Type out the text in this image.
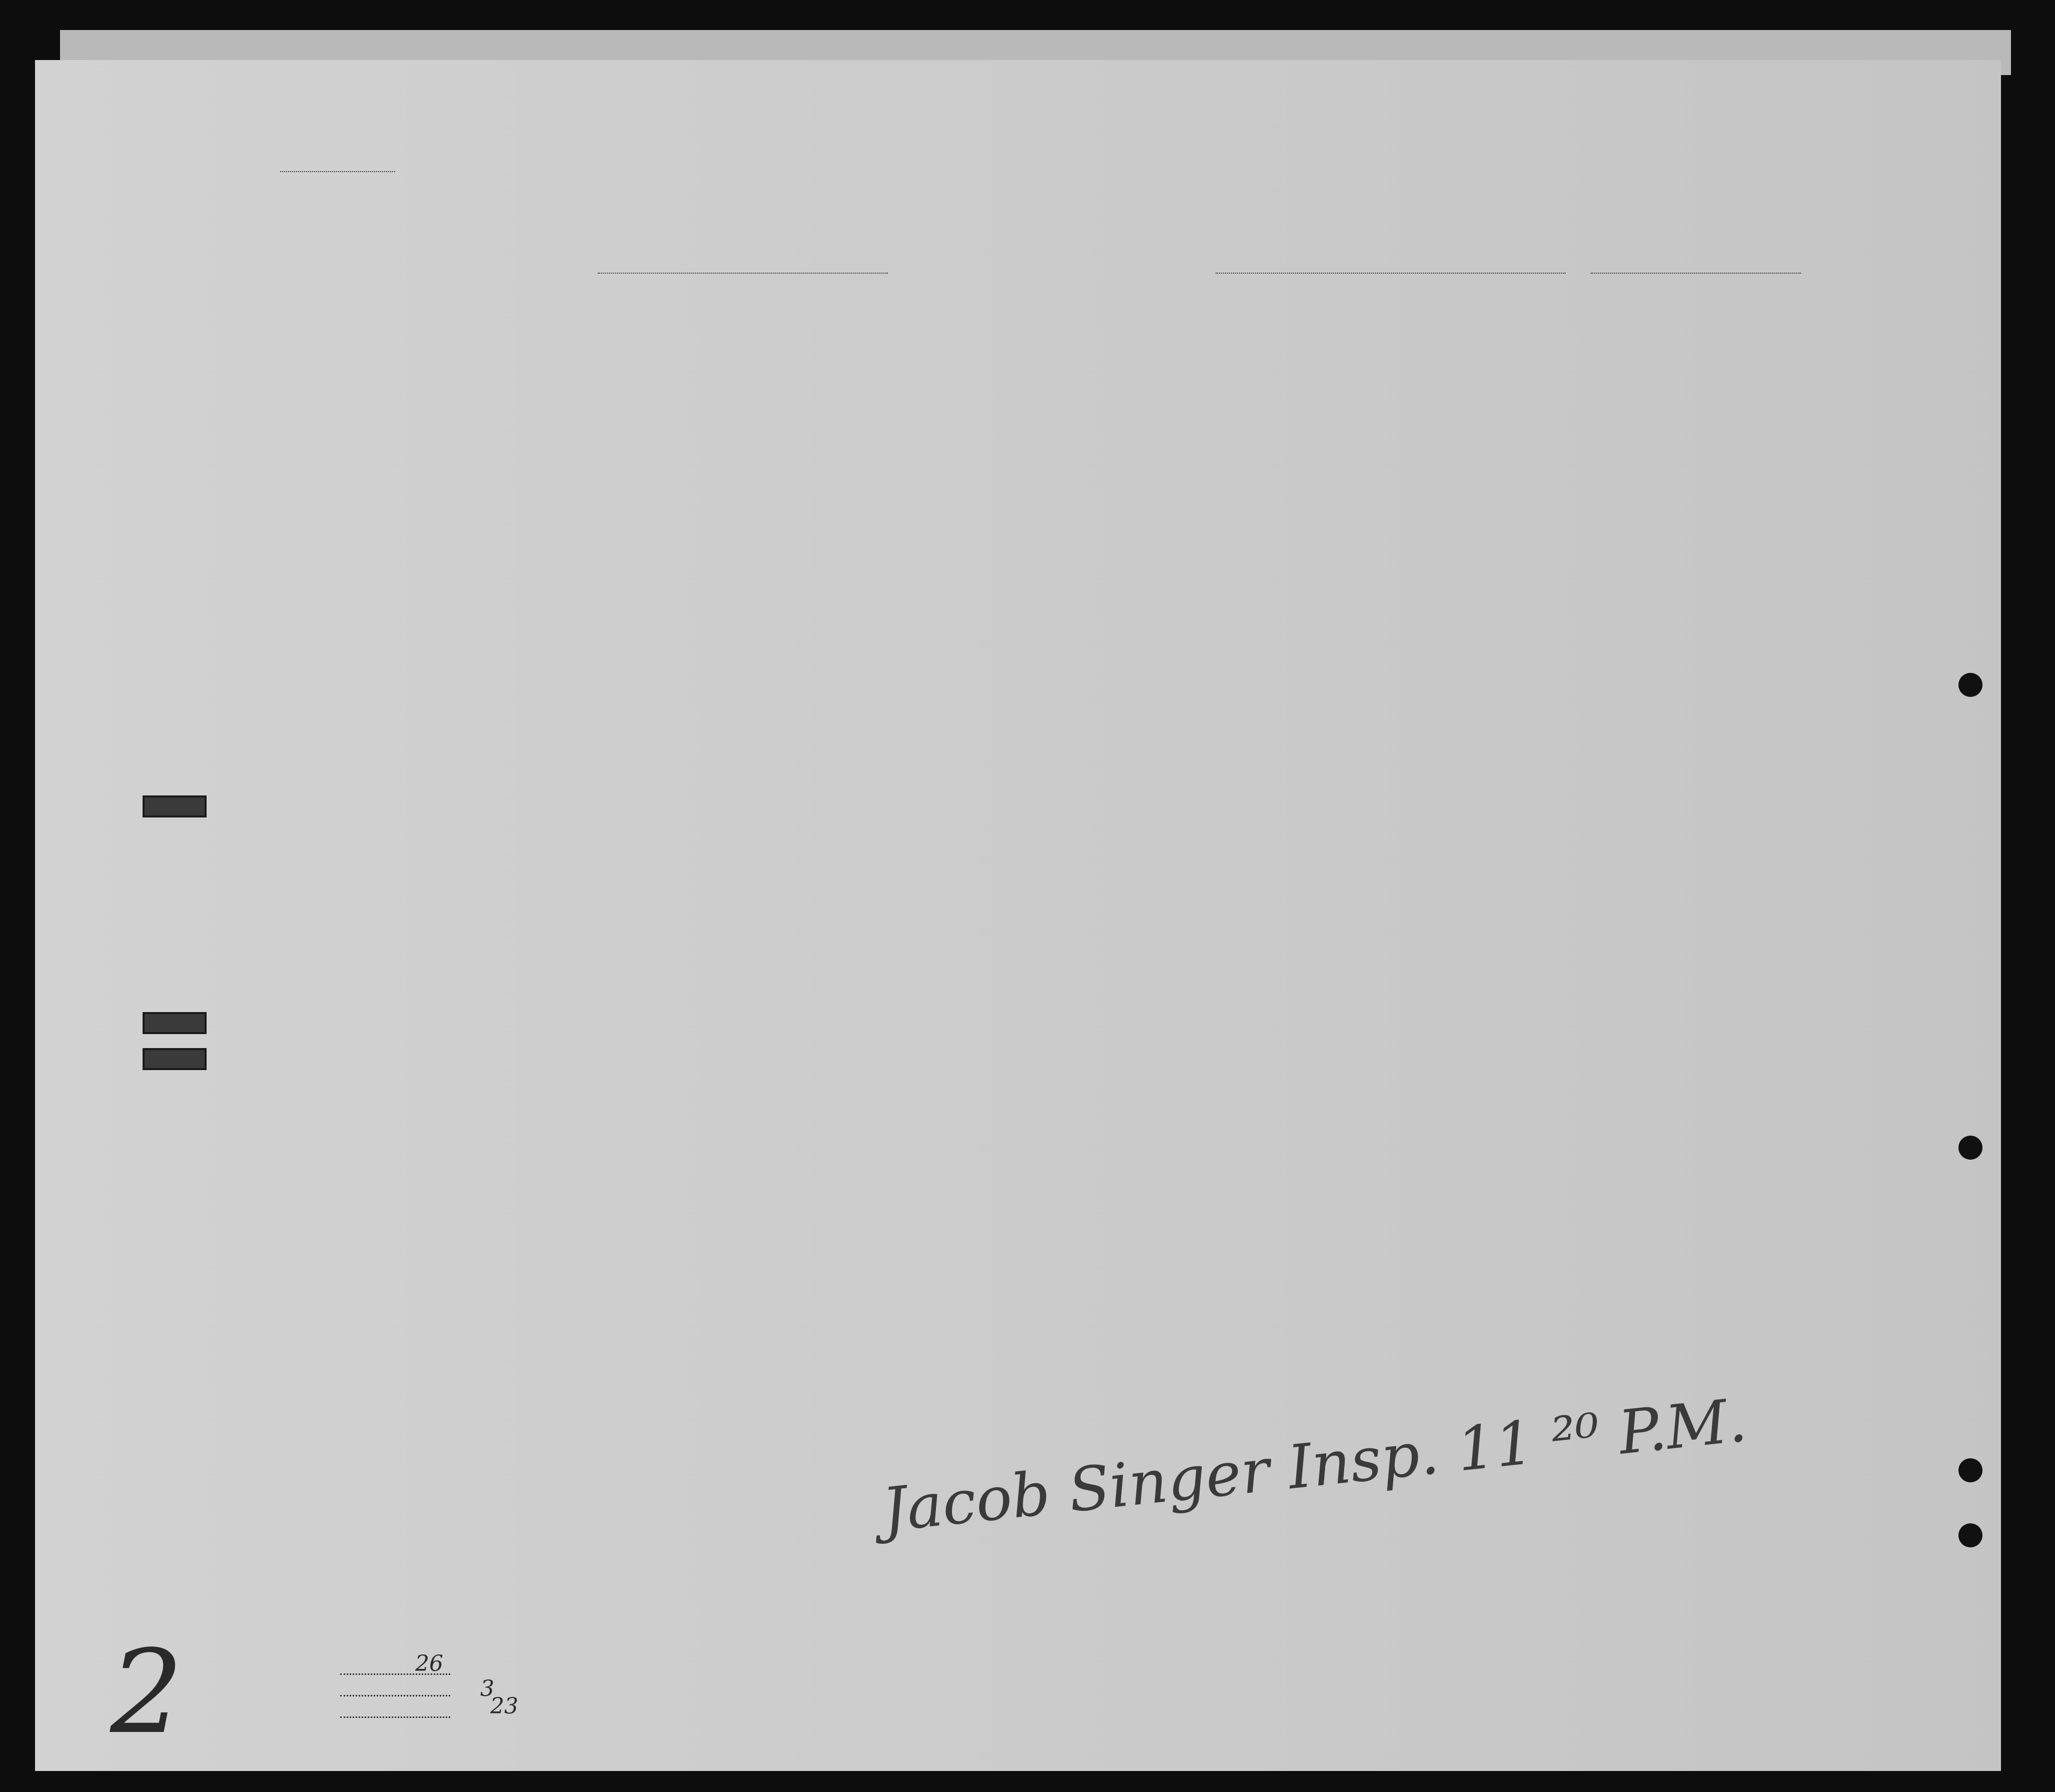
Jacob Singer Insp. 11 ²⁰ P.M.
26
3
23
2
